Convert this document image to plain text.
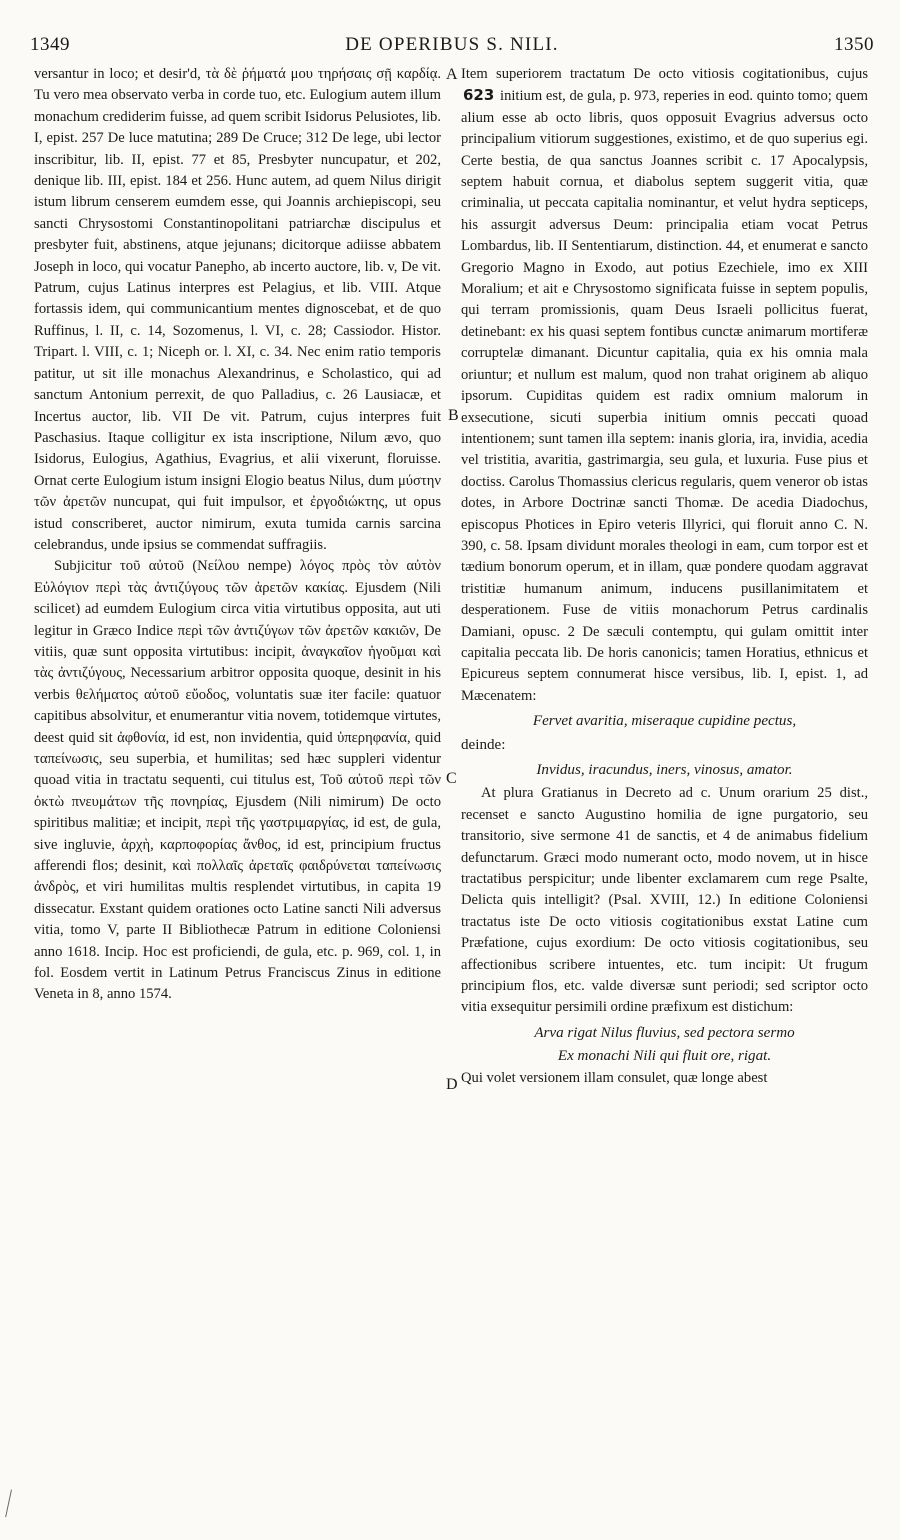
1349	DE OPERIBUS S. NILI.	1350

versantur in loco; et desir'd, τὰ δὲ ῥήματά μου τηρήσαις σῇ καρδίᾳ. Tu vero mea observato verba in corde tuo, etc. Eulogium autem illum monachum crediderim fuisse, ad quem scribit Isidorus Pelusiotes, lib. I, epist. 257 De luce matutina; 289 De Cruce; 312 De lege, ubi lector inscribitur, lib. II, epist. 77 et 85, Presbyter nuncupatur, et 202, denique lib. III, epist. 184 et 256. Hunc autem, ad quem Nilus dirigit istum librum censerem eumdem esse, qui Joannis archiepiscopi, seu sancti Chrysostomi Constantinopolitani patriarchæ discipulus et presbyter fuit, abstinens, atque jejunans; dicitorque adiisse abbatem Joseph in loco, qui vocatur Panepho, ab incerto auctore, lib. v, De vit. Patrum, cujus Latinus interpres est Pelagius, et lib. VIII. Atque fortassis idem, qui communicantium mentes dignoscebat, et de quo Ruffinus, l. II, c. 14, Sozomenus, l. VI, c. 28; Cassiodor. Histor. Tripart. l. VIII, c. 1; Niceph or. l. XI, c. 34. Nec enim ratio temporis patitur, ut sit ille monachus Alexandrinus, e Scholastico, qui ad sanctum Antonium perrexit, de quo Palladius, c. 26 Lausiacæ, et Incertus auctor, lib. VII De vit. Patrum, cujus interpres fuit Paschasius. Itaque colligitur ex ista inscriptione, Nilum ævo, quo Isidorus, Eulogius, Agathius, Evagrius, et alii vixerunt, floruisse. Ornat certe Eulogium istum insigni Elogio beatus Nilus, dum μύστην τῶν ἀρετῶν nuncupat, qui fuit impulsor, et ἐργοδιώκτης, ut opus istud conscriberet, auctor nimirum, exuta tumida carnis sarcina celebrandus, unde ipsius se commendat suffragiis.

Subjicitur τοῦ αὐτοῦ (Νείλου nempe) λόγος πρὸς τὸν αὐτὸν Εὐλόγιον περὶ τὰς ἀντιζύγους τῶν ἀρετῶν κακίας. Ejusdem (Nili scilicet) ad eumdem Eulogium circa vitia virtutibus opposita, aut uti legitur in Græco Indice περὶ τῶν ἀντιζύγων τῶν ἀρετῶν κακιῶν, De vitiis, quæ sunt opposita virtutibus: incipit, ἀναγκαῖον ἡγοῦμαι καὶ τὰς ἀντιζύγους, Necessarium arbitror opposita quoque, desinit in his verbis θελήματος αὐτοῦ εὔοδος, voluntatis suæ iter facile: quatuor capitibus absolvitur, et enumerantur vitia novem, totidemque virtutes, deest quid sit ἀφθονία, id est, non invidentia, quid ὑπερηφανία, quid ταπείνωσις, seu superbia, et humilitas; sed hæc suppleri videntur quoad vitia in tractatu sequenti, cui titulus est, Τοῦ αὐτοῦ περὶ τῶν ὀκτὼ πνευμάτων τῆς πονηρίας, Ejusdem (Nili nimirum) De octo spiritibus malitiæ; et incipit, περὶ τῆς γαστριμαργίας, id est, de gula, sive ingluvie, ἀρχὴ, καρποφορίας ἄνθος, id est, principium fructus afferendi flos; desinit, καὶ πολλαῖς ἀρεταῖς φαιδρύνεται ταπείνωσις ἀνδρὸς, et viri humilitas multis resplendet virtutibus, in capita 19 dissecatur. Exstant quidem orationes octo Latine sancti Nili adversus vitia, tomo V, parte II Bibliothecæ Patrum in editione Coloniensi anno 1618. Incip. Hoc est proficiendi, de gula, etc. p. 969, col. 1, in fol. Eosdem vertit in Latinum Petrus Franciscus Zinus in editione Veneta in 8, anno 1574.

A
B
C
D

Item superiorem tractatum De octo vitiosis cogitationibus, cujus 623 initium est, de gula, p. 973, reperies in eod. quinto tomo; quem alium esse ab octo libris, quos opposuit Evagrius adversus octo principalium vitiorum suggestiones, existimo, et de quo superius egi. Certe bestia, de qua sanctus Joannes scribit c. 17 Apocalypsis, septem habuit cornua, et diabolus septem suggerit vitia, quæ criminalia, ut peccata capitalia nominantur, et velut hydra septiceps, his assurgit adversus Deum: principalia etiam vocat Petrus Lombardus, lib. II Sententiarum, distinction. 44, et enumerat e sancto Gregorio Magno in Exodo, aut potius Ezechiele, imo ex XIII Moralium; et ait e Chrysostomo significata fuisse in septem populis, qui terram promissionis, quam Deus Israeli pollicitus fuerat, detinebant: ex his quasi septem fontibus cunctæ animarum mortiferæ corruptelæ dimanant. Dicuntur capitalia, quia ex his omnia mala oriuntur; et nullum est malum, quod non trahat originem ab aliquo ipsorum. Cupiditas quidem est radix omnium malorum in exsecutione, sicuti superbia initium omnis peccati quoad intentionem; sunt tamen illa septem: inanis gloria, ira, invidia, acedia vel tristitia, avaritia, gastrimargia, seu gula, et luxuria. Fuse pius et doctiss. Carolus Thomassius clericus regularis, quem veneror ob istas dotes, in Arbore Doctrinæ sancti Thomæ. De acedia Diadochus, episcopus Photices in Epiro veteris Illyrici, qui floruit anno C. N. 390, c. 58. Ipsam dividunt morales theologi in eam, cum torpor est et tædium bonorum operum, et in illam, quæ pondere quodam aggravat tristitiæ humanum animum, inducens pusillanimitatem et desperationem. Fuse de vitiis monachorum Petrus cardinalis Damiani, opusc. 2 De sæculi contemptu, qui gulam omittit inter capitalia peccata lib. De horis canonicis; tamen Horatius, ethnicus et Epicureus septem connumerat hisce versibus, lib. I, epist. 1, ad Mæcenatem:

Fervet avaritia, miseraque cupidine pectus,

deinde:

Invidus, iracundus, iners, vinosus, amator.

At plura Gratianus in Decreto ad c. Unum orarium 25 dist., recenset e sancto Augustino homilia de igne purgatorio, seu transitorio, sive sermone 41 de sanctis, et 4 de animabus fidelium defunctarum. Græci modo numerant octo, modo novem, ut in hisce tractatibus perspicitur; unde libenter exclamarem cum rege Psalte, Delicta quis intelligit? (Psal. XVIII, 12.) In editione Coloniensi tractatus iste De octo vitiosis cogitationibus exstat Latine cum Præfatione, cujus exordium: De octo vitiosis cogitationibus, seu affectionibus scribere intuentes, etc. tum incipit: Ut frugum principium flos, etc. valde diversæ sunt periodi; sed scriptor octo vitia exsequitur persimili ordine præfixum est distichum:

Arva rigat Nilus fluvius, sed pectora sermo

Ex monachi Nili qui fluit ore, rigat.

Qui volet versionem illam consulet, quæ longe abest
